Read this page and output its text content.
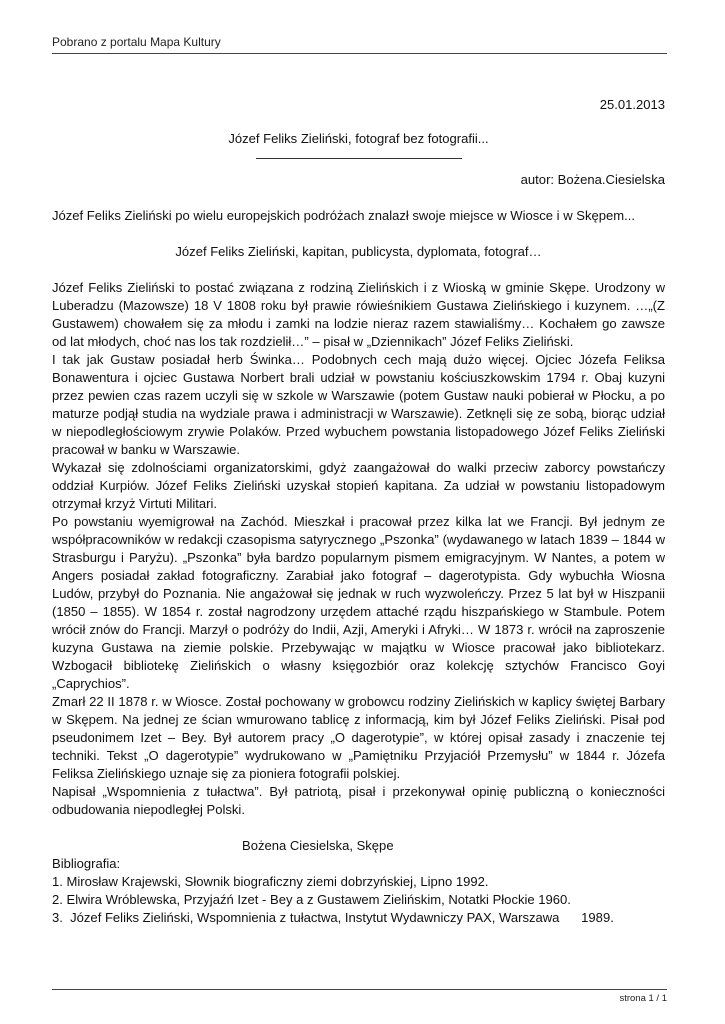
Pobrano z portalu Mapa Kultury

25.01.2013

Józef Feliks Zieliński, fotograf bez fotografii...

autor: Bożena.Ciesielska

Józef Feliks Zieliński po wielu europejskich podróżach znalazł swoje miejsce w Wiosce i w Skępem...

Józef Feliks Zieliński, kapitan, publicysta, dyplomata, fotograf…

Józef Feliks Zieliński to postać związana z rodziną Zielińskich i z Wioską w gminie Skępe. Urodzony w Luberadzu (Mazowsze) 18 V 1808 roku był prawie rówieśnikiem Gustawa Zielińskiego i kuzynem. …„(Z Gustawem) chowałem się za młodu i zamki na lodzie nieraz razem stawialiśmy… Kochałem go zawsze od lat młodych, choć nas los tak rozdzielił…” – pisał w „Dziennikach” Józef Feliks Zieliński.

I tak jak Gustaw posiadał herb Świnka… Podobnych cech mają dużo więcej. Ojciec Józefa Feliksa Bonawentura i ojciec Gustawa Norbert brali udział w powstaniu kościuszkowskim 1794 r. Obaj kuzyni przez pewien czas razem uczyli się w szkole w Warszawie (potem Gustaw nauki pobierał w Płocku, a po maturze podjął studia na wydziale prawa i administracji w Warszawie). Zetknęli się ze sobą, biorąc udział w niepodległościowym zrywie Polaków. Przed wybuchem powstania listopadowego Józef Feliks Zieliński pracował w banku w Warszawie.

Wykazał się zdolnościami organizatorskimi, gdyż zaangażował do walki przeciw zaborcy powstańczy oddział Kurpiów. Józef Feliks Zieliński uzyskał stopień kapitana. Za udział w powstaniu listopadowym otrzymał krzyż Virtuti Militari.

Po powstaniu wyemigrował na Zachód. Mieszkał i pracował przez kilka lat we Francji. Był jednym ze współpracowników w redakcji czasopisma satyrycznego „Pszonka” (wydawanego w latach 1839 – 1844 w Strasburgu i Paryżu). „Pszonka” była bardzo popularnym pismem emigracyjnym. W Nantes, a potem w Angers posiadał zakład fotograficzny. Zarabiał jako fotograf – dagerotypista. Gdy wybuchła Wiosna Ludów, przybył do Poznania. Nie angażował się jednak w ruch wyzwoleńczy. Przez 5 lat był w Hiszpanii (1850 – 1855). W 1854 r. został nagrodzony urzędem attaché rządu hiszpańskiego w Stambule. Potem wrócił znów do Francji. Marzył o podróży do Indii, Azji, Ameryki i Afryki… W 1873 r. wrócił na zaproszenie kuzyna Gustawa na ziemie polskie. Przebywając w majątku w Wiosce pracował jako bibliotekarz. Wzbogacił bibliotekę Zielińskich o własny księgozbiór oraz kolekcję sztychów Francisco Goyi „Caprychios”.

Zmarł 22 II 1878 r. w Wiosce. Został pochowany w grobowcu rodziny Zielińskich w kaplicy świętej Barbary w Skępem. Na jednej ze ścian wmurowano tablicę z informacją, kim był Józef Feliks Zieliński. Pisał pod pseudonimem Izet – Bey. Był autorem pracy „O dagerotypie”, w której opisał zasady i znaczenie tej techniki. Tekst „O dagerotypie” wydrukowano w „Pamiętniku Przyjaciół Przemysłu” w 1844 r. Józefa Feliksa Zielińskiego uznaje się za pioniera fotografii polskiej.

Napisał „Wspomnienia z tułactwa”. Był patriotą, pisał i przekonywał opinię publiczną o konieczności odbudowania niepodległej Polski.

Bożena Ciesielska, Skępe

Bibliografia:

1. Mirosław Krajewski, Słownik biograficzny ziemi dobrzyńskiej, Lipno 1992.
2. Elwira Wróblewska, Przyjaźń Izet - Bey a z Gustawem Zielińskim, Notatki Płockie 1960.
3.  Józef Feliks Zieliński, Wspomnienia z tułactwa, Instytut Wydawniczy PAX, Warszawa      1989.
strona 1 / 1
